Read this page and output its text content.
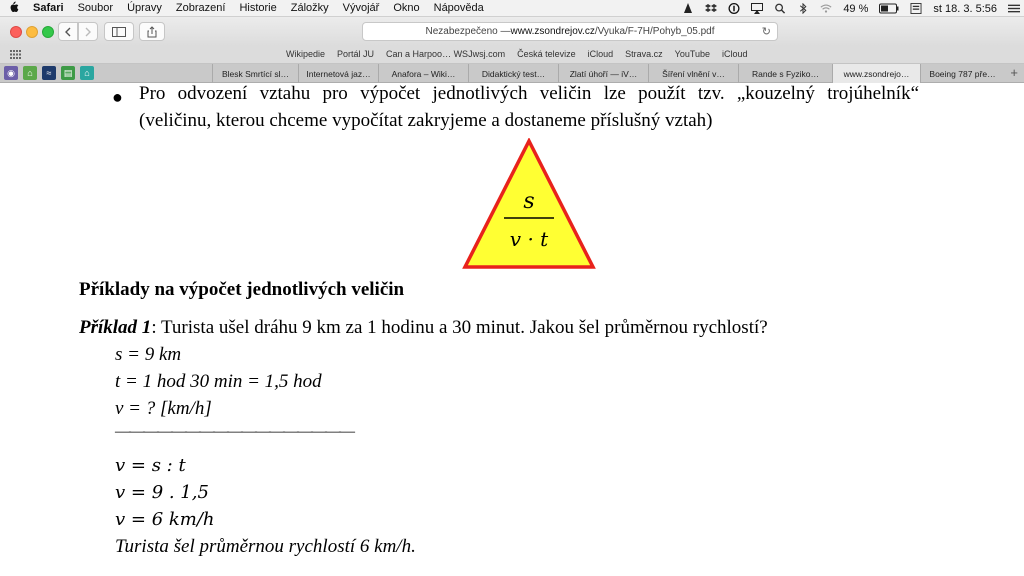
Safari	Soubor	Úpravy	Zobrazení	Historie	Záložky	Vývojář	Okno	Nápověda	49 %	st 18. 3. 5:56
Nezabezpečeno — www.zsondrejov.cz /Vyuka/F-7H/Pohyb_05.pdf	↻
Wikipedie Portál JU Can a Harpoo… WSJwsj.com Česká televize iCloud Strava.cz YouTube iCloud
◉	⌂	≈	▤	⌂	Blesk Smrtící sl…	Internetová jaz…	Anafora – Wiki…	Didaktický test…	Zlatí úhoří — iV…	Šíření vlnění v…	Rande s Fyziko…	www.zsondrejo…	Boeing 787 pře…	+
● Pro odvození vztahu pro výpočet jednotlivých veličin lze použít tzv. „kouzelný trojúhelník“
(veličinu, kterou chceme vypočítat zakryjeme a dostaneme příslušný vztah)
s
v · t
Příklady na výpočet jednotlivých veličin
Příklad 1: Turista ušel dráhu 9 km za 1 hodinu a 30 minut. Jakou šel průměrnou rychlostí?
s = 9 km
t = 1 hod 30 min = 1,5 hod
v = ? [km/h]
—————————————————
v = s : t
v = 9 . 1,5
v = 6 km/h
Turista šel průměrnou rychlostí 6 km/h.
